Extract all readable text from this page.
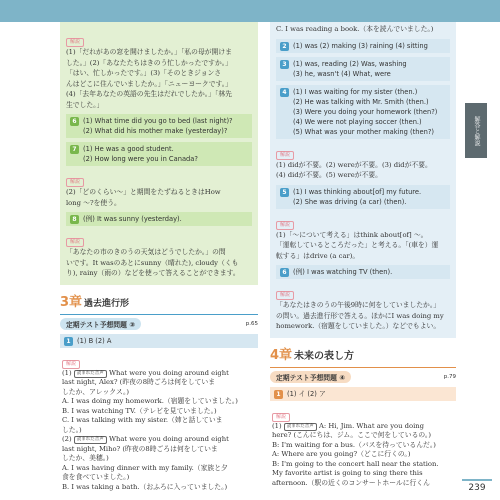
解説
(1)「だれがあの窓を開けましたか。」「私の母が開けま
した。」(2)「あなたたちはきのう忙しかったですか。」
「はい、忙しかったです。」(3)「そのときジョンさ
んはどこに住んでいましたか。」「ニューヨークです。」
(4)「去年あなたの英語の先生はだれでしたか。」「林先
生でした。」
6 (1) What time did you go to bed (last night)?
(2) What did his mother make (yesterday)?
7 (1) He was a good student.
(2) How long were you in Canada?
解説
(2)「どのくらい〜」と期間をたずねるときはHow
long 〜?を使う。
8 (例) It was sunny (yesterday).
解説
「あなたの市のきのうの天気はどうでしたか。」の問
いです。It wasのあとにsunny（晴れた), cloudy（くも
り), rainy（雨の）などを使って答えることができます。
3章 過去進行形
定期テスト予想問題 ③	p.65
1 (1) B (2) A
解説
(1) 読まれた音声 What were you doing around eight
last night, Alex? (昨夜の8時ごろは何をしていま
したか、アレックス。)
A. I was doing my homework.（宿題をしていました。)
B. I was watching TV.（テレビを見ていました。)
C. I was talking with my sister.（姉と話していま
した。)
(2) 読まれた音声 What were you doing around eight
last night, Miho? (昨夜の8時ごろは何をしていま
したか、美穂。)
A. I was having dinner with my family.（家族と夕
食を食べていました。)
B. I was taking a bath.（おふろに入っていました。)
C. I was reading a book.（本を読んでいました。)
2 (1) was (2) making (3) raining (4) sitting
3 (1) was, reading (2) Was, washing
(3) he, wasn't (4) What, were
4 (1) I was waiting for my sister (then.)
(2) He was talking with Mr. Smith (then.)
(3) Were you doing your homework (then?)
(4) We were not playing soccer (then.)
(5) What was your mother making (then?)
解説
(1) didが不要。(2) wereが不要。(3) didが不要。
(4) didが不要。(5) wereが不要。
5 (1) I was thinking about[of] my future.
(2) She was driving (a car) (then).
解説
(1)「〜について考える」はthink about[of] 〜。
「運転しているところだった」と考える。「(車を）運
転する」はdrive (a car)。
6 (例) I was watching TV (then).
解説
「あなたはきのうの午後9時に何をしていましたか。」
の問い。過去進行形で答える。ほかにI was doing my
homework.（宿題をしていました。）などでもよい。
4章 未来の表し方
定期テスト予想問題 ④	p.79
1 (1) イ (2) ア
解説
(1) 読まれた音声 A: Hi, Jim. What are you doing
here? (こんにちは、ジム。ここで何をしているの。)
B: I'm waiting for a bus.（バスを待っているんだ。)
A: Where are you going?（どこに行くの。)
B: I'm going to the concert hall near the station.
My favorite artist is going to sing there this
afternoon.（駅の近くのコンサートホールに行くん
解答と解説
239
